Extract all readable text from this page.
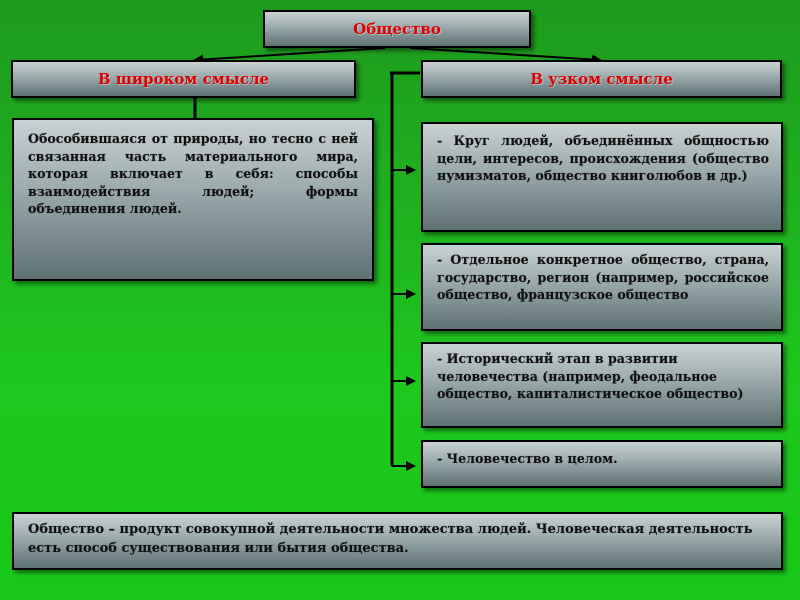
Общество
В широком смысле	В узком смысле
Обособившаяся от природы, но тесно с ней связанная часть материального мира, которая включает в себя: способы взаимодействия людей; формы объединения людей.
- Круг людей, объединённых общностью цели, интересов, происхождения (общество нумизматов, общество книголюбов и др.)
- Отдельное конкретное общество, страна, государство, регион (например, российское общество, французское общество
- Исторический этап в развитии человечества (например, феодальное общество, капиталистическое общество)
- Человечество в целом.
Общество – продукт совокупной деятельности множества людей. Человеческая деятельность есть способ существования или бытия общества.
